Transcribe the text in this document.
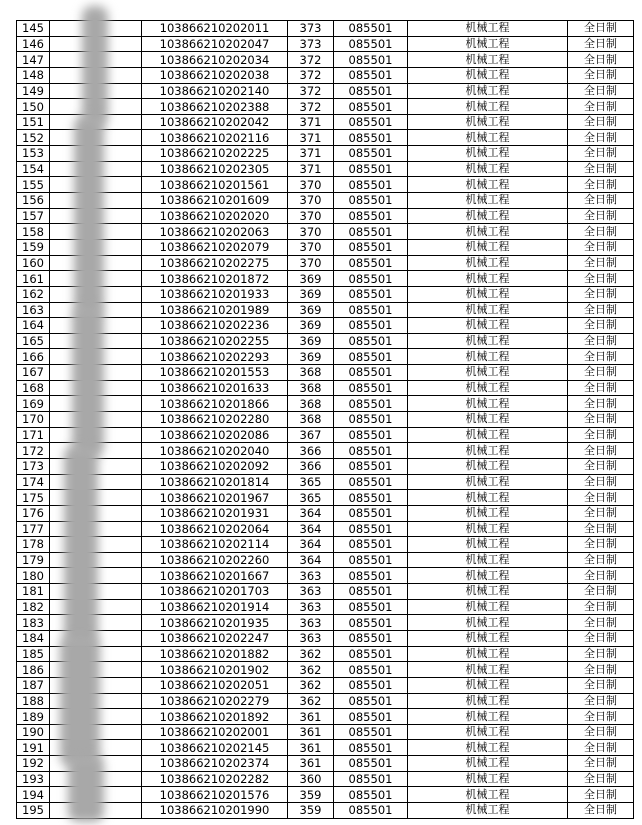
145		103866210202011	373	085501	机械工程	全日制
146		103866210202047	373	085501	机械工程	全日制
147		103866210202034	372	085501	机械工程	全日制
148		103866210202038	372	085501	机械工程	全日制
149		103866210202140	372	085501	机械工程	全日制
150		103866210202388	372	085501	机械工程	全日制
151		103866210202042	371	085501	机械工程	全日制
152		103866210202116	371	085501	机械工程	全日制
153		103866210202225	371	085501	机械工程	全日制
154		103866210202305	371	085501	机械工程	全日制
155		103866210201561	370	085501	机械工程	全日制
156		103866210201609	370	085501	机械工程	全日制
157		103866210202020	370	085501	机械工程	全日制
158		103866210202063	370	085501	机械工程	全日制
159		103866210202079	370	085501	机械工程	全日制
160		103866210202275	370	085501	机械工程	全日制
161		103866210201872	369	085501	机械工程	全日制
162		103866210201933	369	085501	机械工程	全日制
163		103866210201989	369	085501	机械工程	全日制
164		103866210202236	369	085501	机械工程	全日制
165		103866210202255	369	085501	机械工程	全日制
166		103866210202293	369	085501	机械工程	全日制
167		103866210201553	368	085501	机械工程	全日制
168		103866210201633	368	085501	机械工程	全日制
169		103866210201866	368	085501	机械工程	全日制
170		103866210202280	368	085501	机械工程	全日制
171		103866210202086	367	085501	机械工程	全日制
172		103866210202040	366	085501	机械工程	全日制
173		103866210202092	366	085501	机械工程	全日制
174		103866210201814	365	085501	机械工程	全日制
175		103866210201967	365	085501	机械工程	全日制
176		103866210201931	364	085501	机械工程	全日制
177		103866210202064	364	085501	机械工程	全日制
178		103866210202114	364	085501	机械工程	全日制
179		103866210202260	364	085501	机械工程	全日制
180		103866210201667	363	085501	机械工程	全日制
181		103866210201703	363	085501	机械工程	全日制
182		103866210201914	363	085501	机械工程	全日制
183		103866210201935	363	085501	机械工程	全日制
184		103866210202247	363	085501	机械工程	全日制
185		103866210201882	362	085501	机械工程	全日制
186		103866210201902	362	085501	机械工程	全日制
187		103866210202051	362	085501	机械工程	全日制
188		103866210202279	362	085501	机械工程	全日制
189		103866210201892	361	085501	机械工程	全日制
190		103866210202001	361	085501	机械工程	全日制
191		103866210202145	361	085501	机械工程	全日制
192		103866210202374	361	085501	机械工程	全日制
193		103866210202282	360	085501	机械工程	全日制
194		103866210201576	359	085501	机械工程	全日制
195		103866210201990	359	085501	机械工程	全日制
